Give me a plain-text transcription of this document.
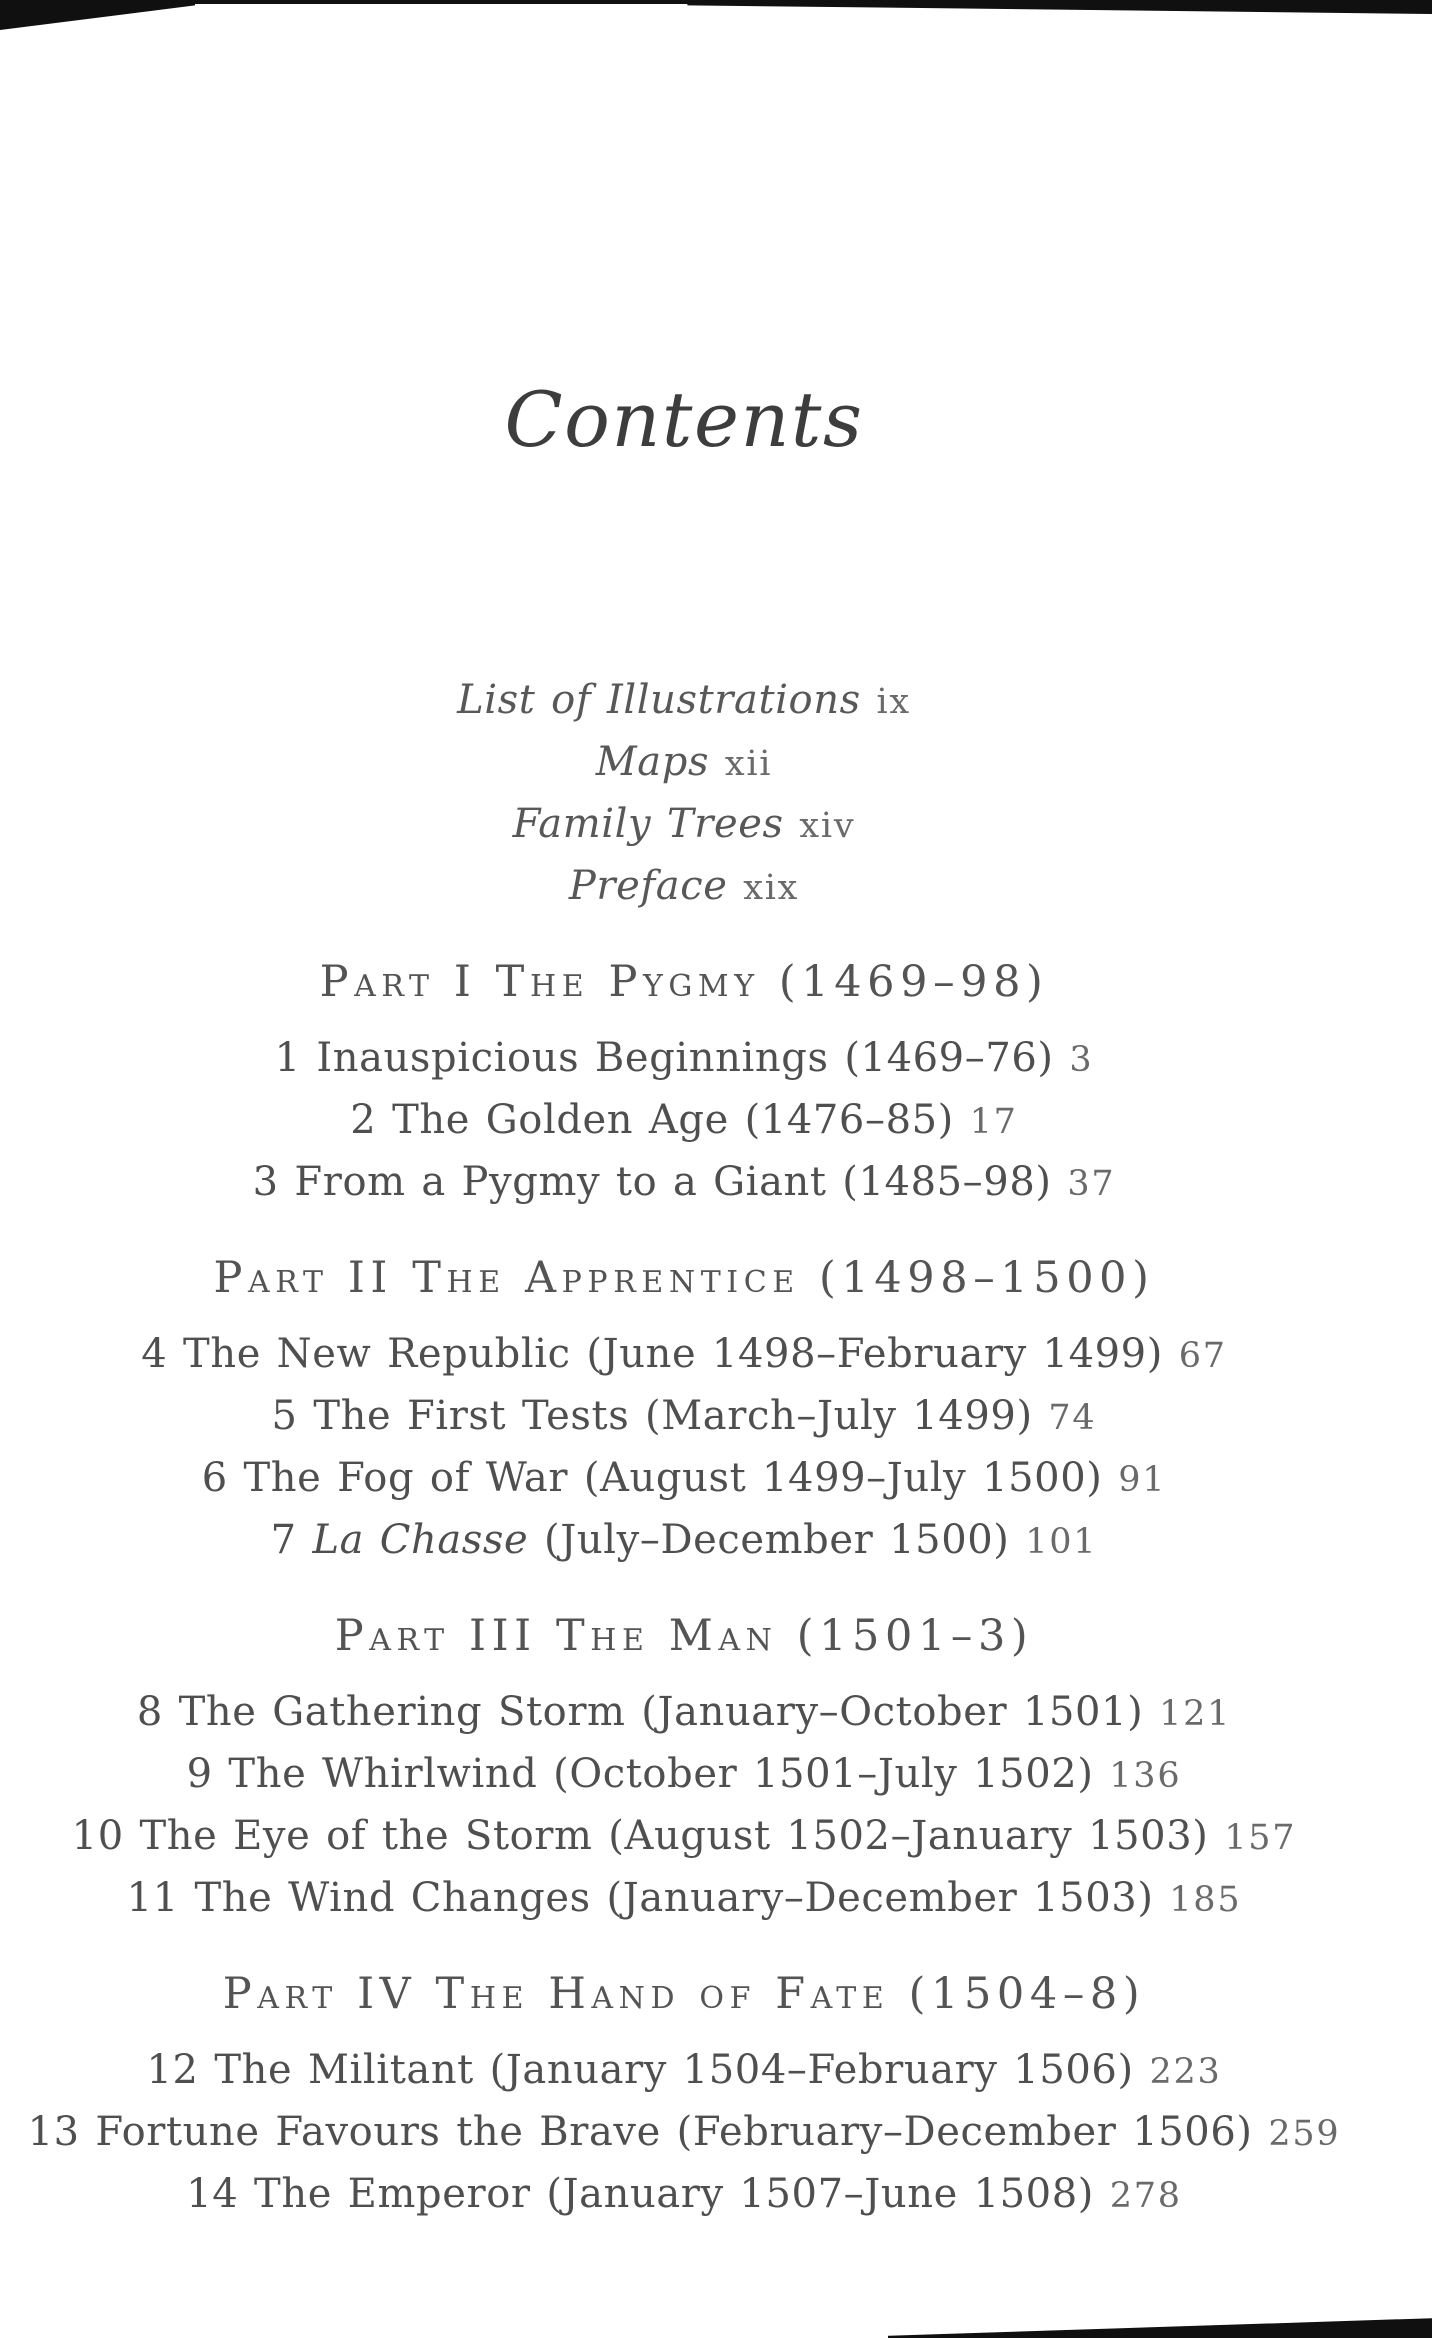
Contents
List of Illustrations ix
Maps xii
Family Trees xiv
Preface xix
Part I The Pygmy (1469–98)
1 Inauspicious Beginnings (1469–76) 3
2 The Golden Age (1476–85) 17
3 From a Pygmy to a Giant (1485–98) 37
Part II The Apprentice (1498–1500)
4 The New Republic (June 1498–February 1499) 67
5 The First Tests (March–July 1499) 74
6 The Fog of War (August 1499–July 1500) 91
7 La Chasse (July–December 1500) 101
Part III The Man (1501–3)
8 The Gathering Storm (January–October 1501) 121
9 The Whirlwind (October 1501–July 1502) 136
10 The Eye of the Storm (August 1502–January 1503) 157
11 The Wind Changes (January–December 1503) 185
Part IV The Hand of Fate (1504–8)
12 The Militant (January 1504–February 1506) 223
13 Fortune Favours the Brave (February–December 1506) 259
14 The Emperor (January 1507–June 1508) 278
